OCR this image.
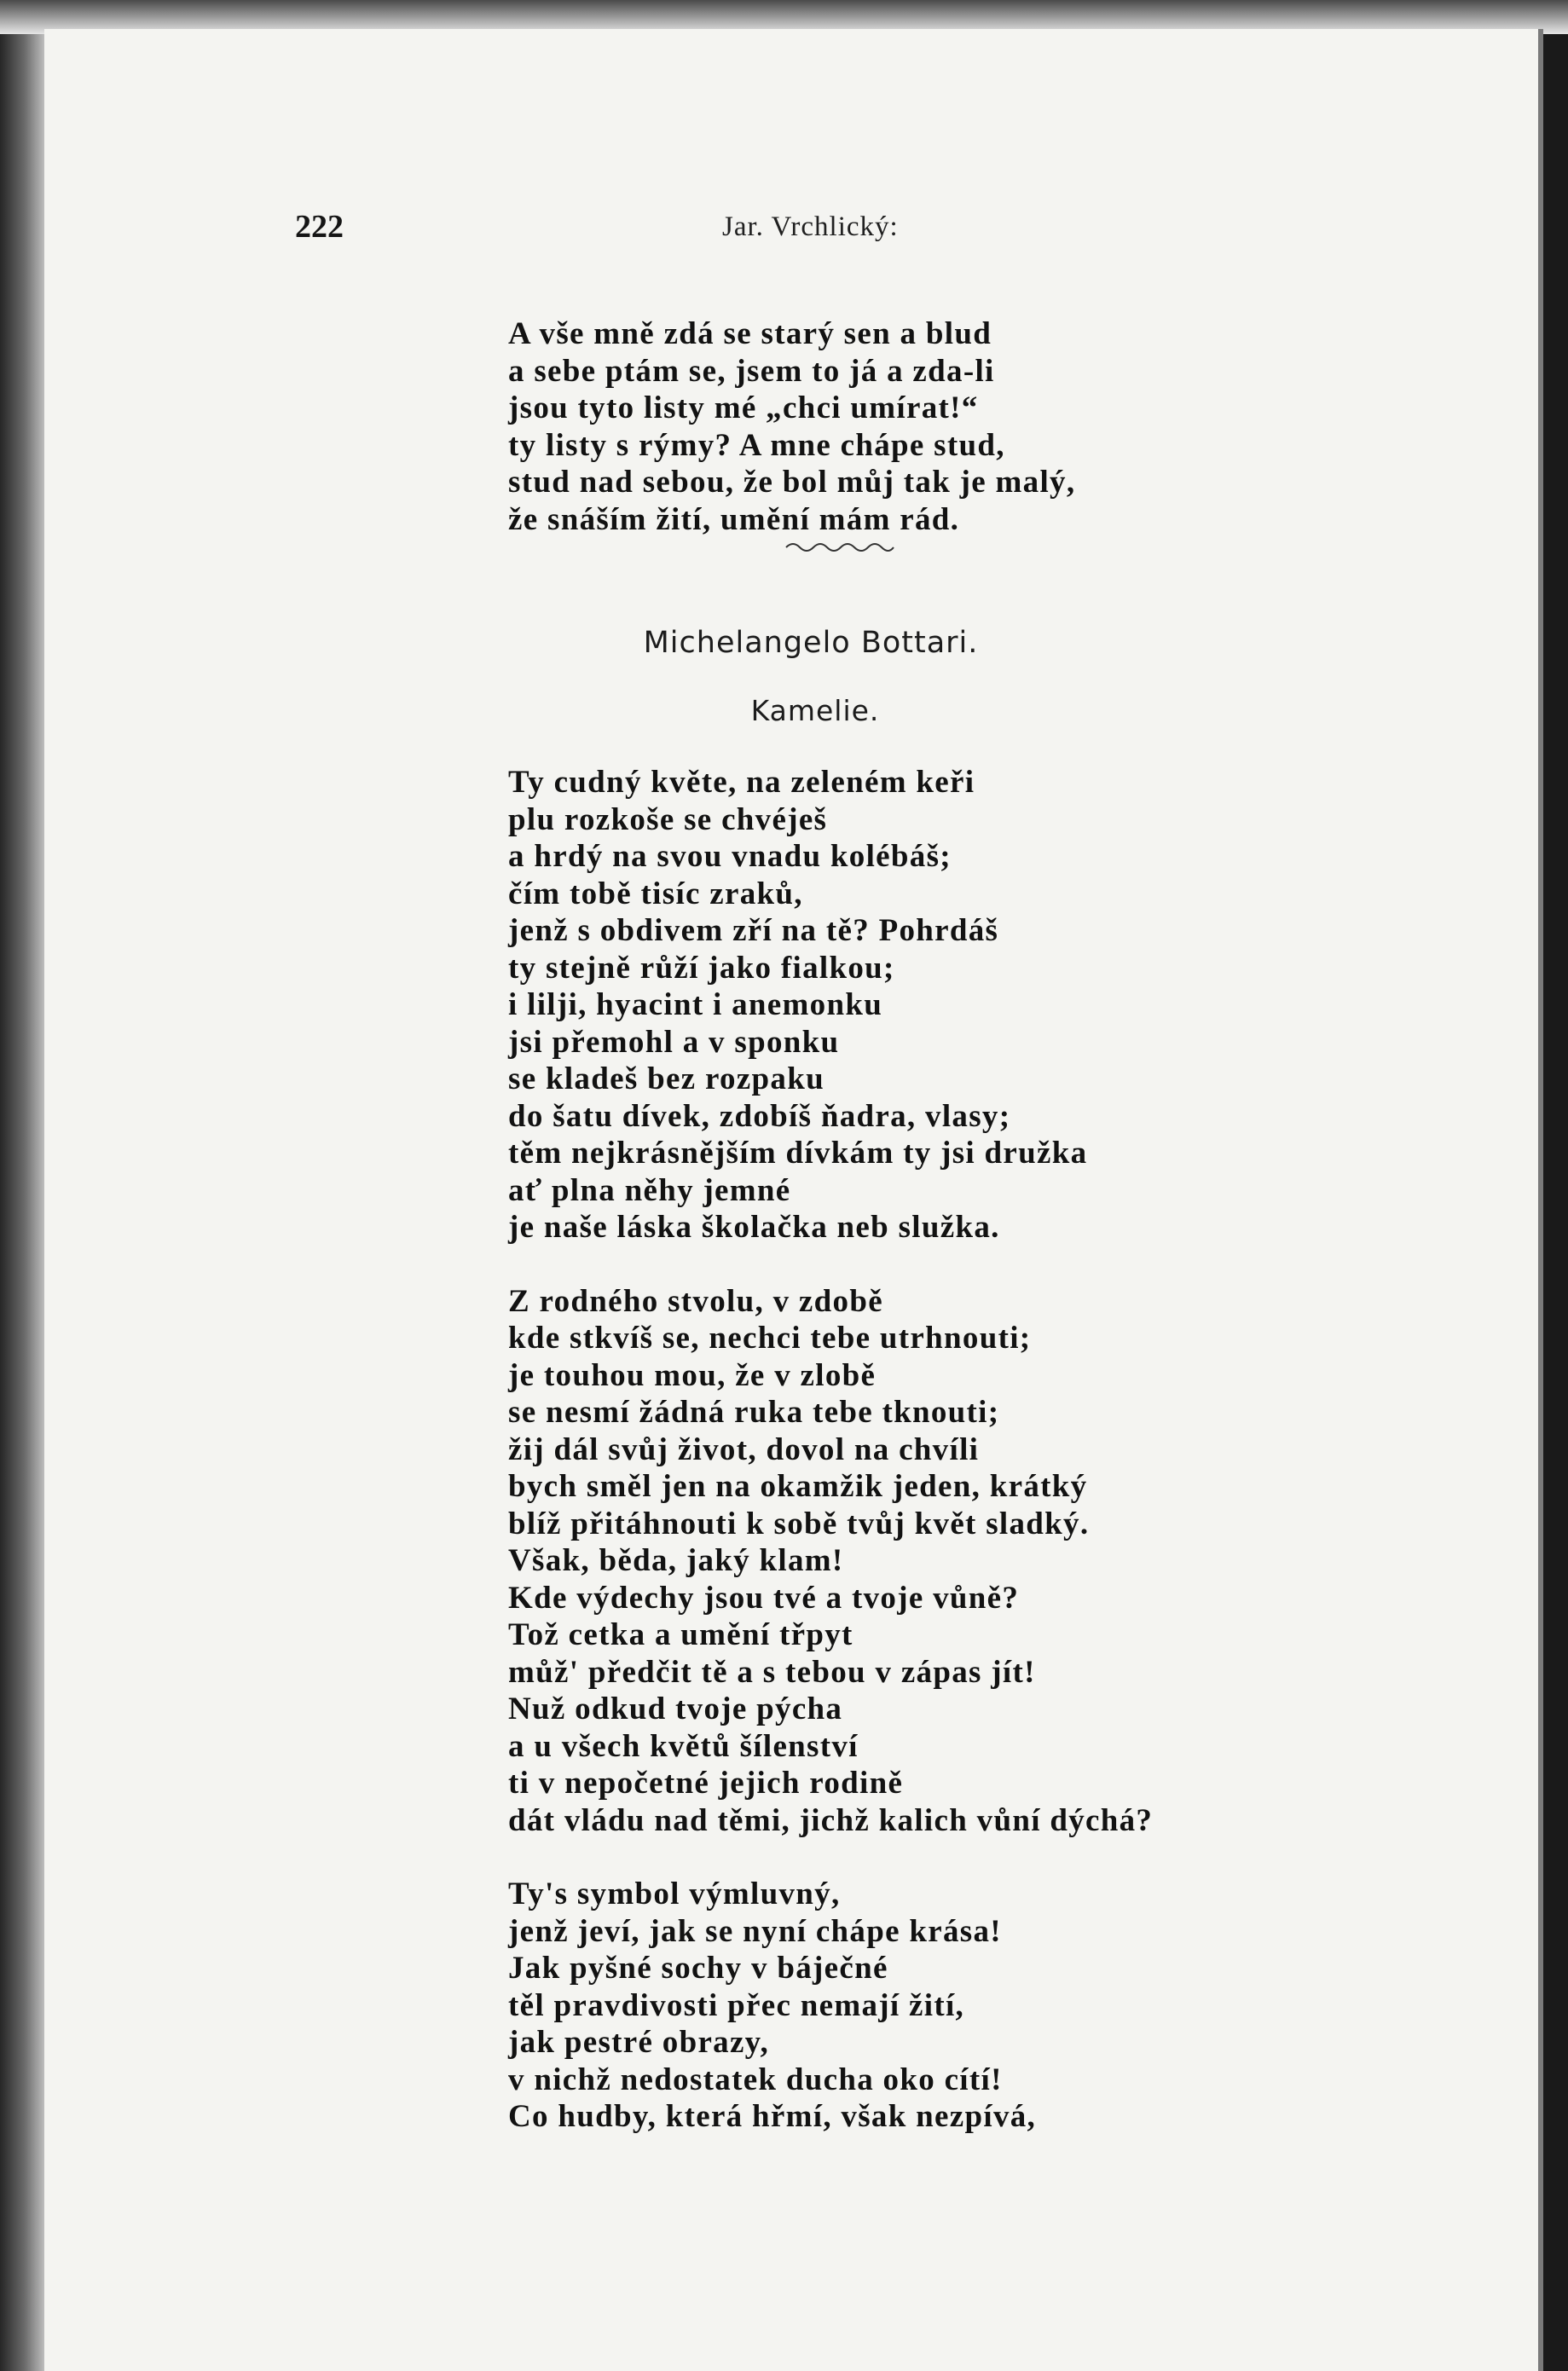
222	Jar. Vrchlický:
A vše mně zdá se starý sen a blud
a sebe ptám se, jsem to já a zda-li
jsou tyto listy mé „chci umírat!“
ty listy s rýmy? A mne chápe stud,
stud nad sebou, že bol můj tak je malý,
že snáším žití, umění mám rád.
Michelangelo Bottari.
Kamelie.
Ty cudný květe, na zeleném keři
plu rozkoše se chvéješ
a hrdý na svou vnadu kolébáš;
čím tobě tisíc zraků,
jenž s obdivem zří na tě? Pohrdáš
ty stejně růží jako fialkou;
i lilji, hyacint i anemonku
jsi přemohl a v sponku
se kladeš bez rozpaku
do šatu dívek, zdobíš ňadra, vlasy;
těm nejkrásnějším dívkám ty jsi družka
ať plna něhy jemné
je naše láska školačka neb služka.
Z rodného stvolu, v zdobě
kde stkvíš se, nechci tebe utrhnouti;
je touhou mou, že v zlobě
se nesmí žádná ruka tebe tknouti;
žij dál svůj život, dovol na chvíli
bych směl jen na okamžik jeden, krátký
blíž přitáhnouti k sobě tvůj květ sladký.
Však, běda, jaký klam!
Kde výdechy jsou tvé a tvoje vůně?
Tož cetka a umění třpyt
můž' předčit tě a s tebou v zápas jít!
Nuž odkud tvoje pýcha
a u všech květů šílenství
ti v nepočetné jejich rodině
dát vládu nad těmi, jichž kalich vůní dýchá?
Ty's symbol výmluvný,
jenž jeví, jak se nyní chápe krása!
Jak pyšné sochy v báječné
těl pravdivosti přec nemají žití,
jak pestré obrazy,
v nichž nedostatek ducha oko cítí!
Co hudby, která hřmí, však nezpívá,
